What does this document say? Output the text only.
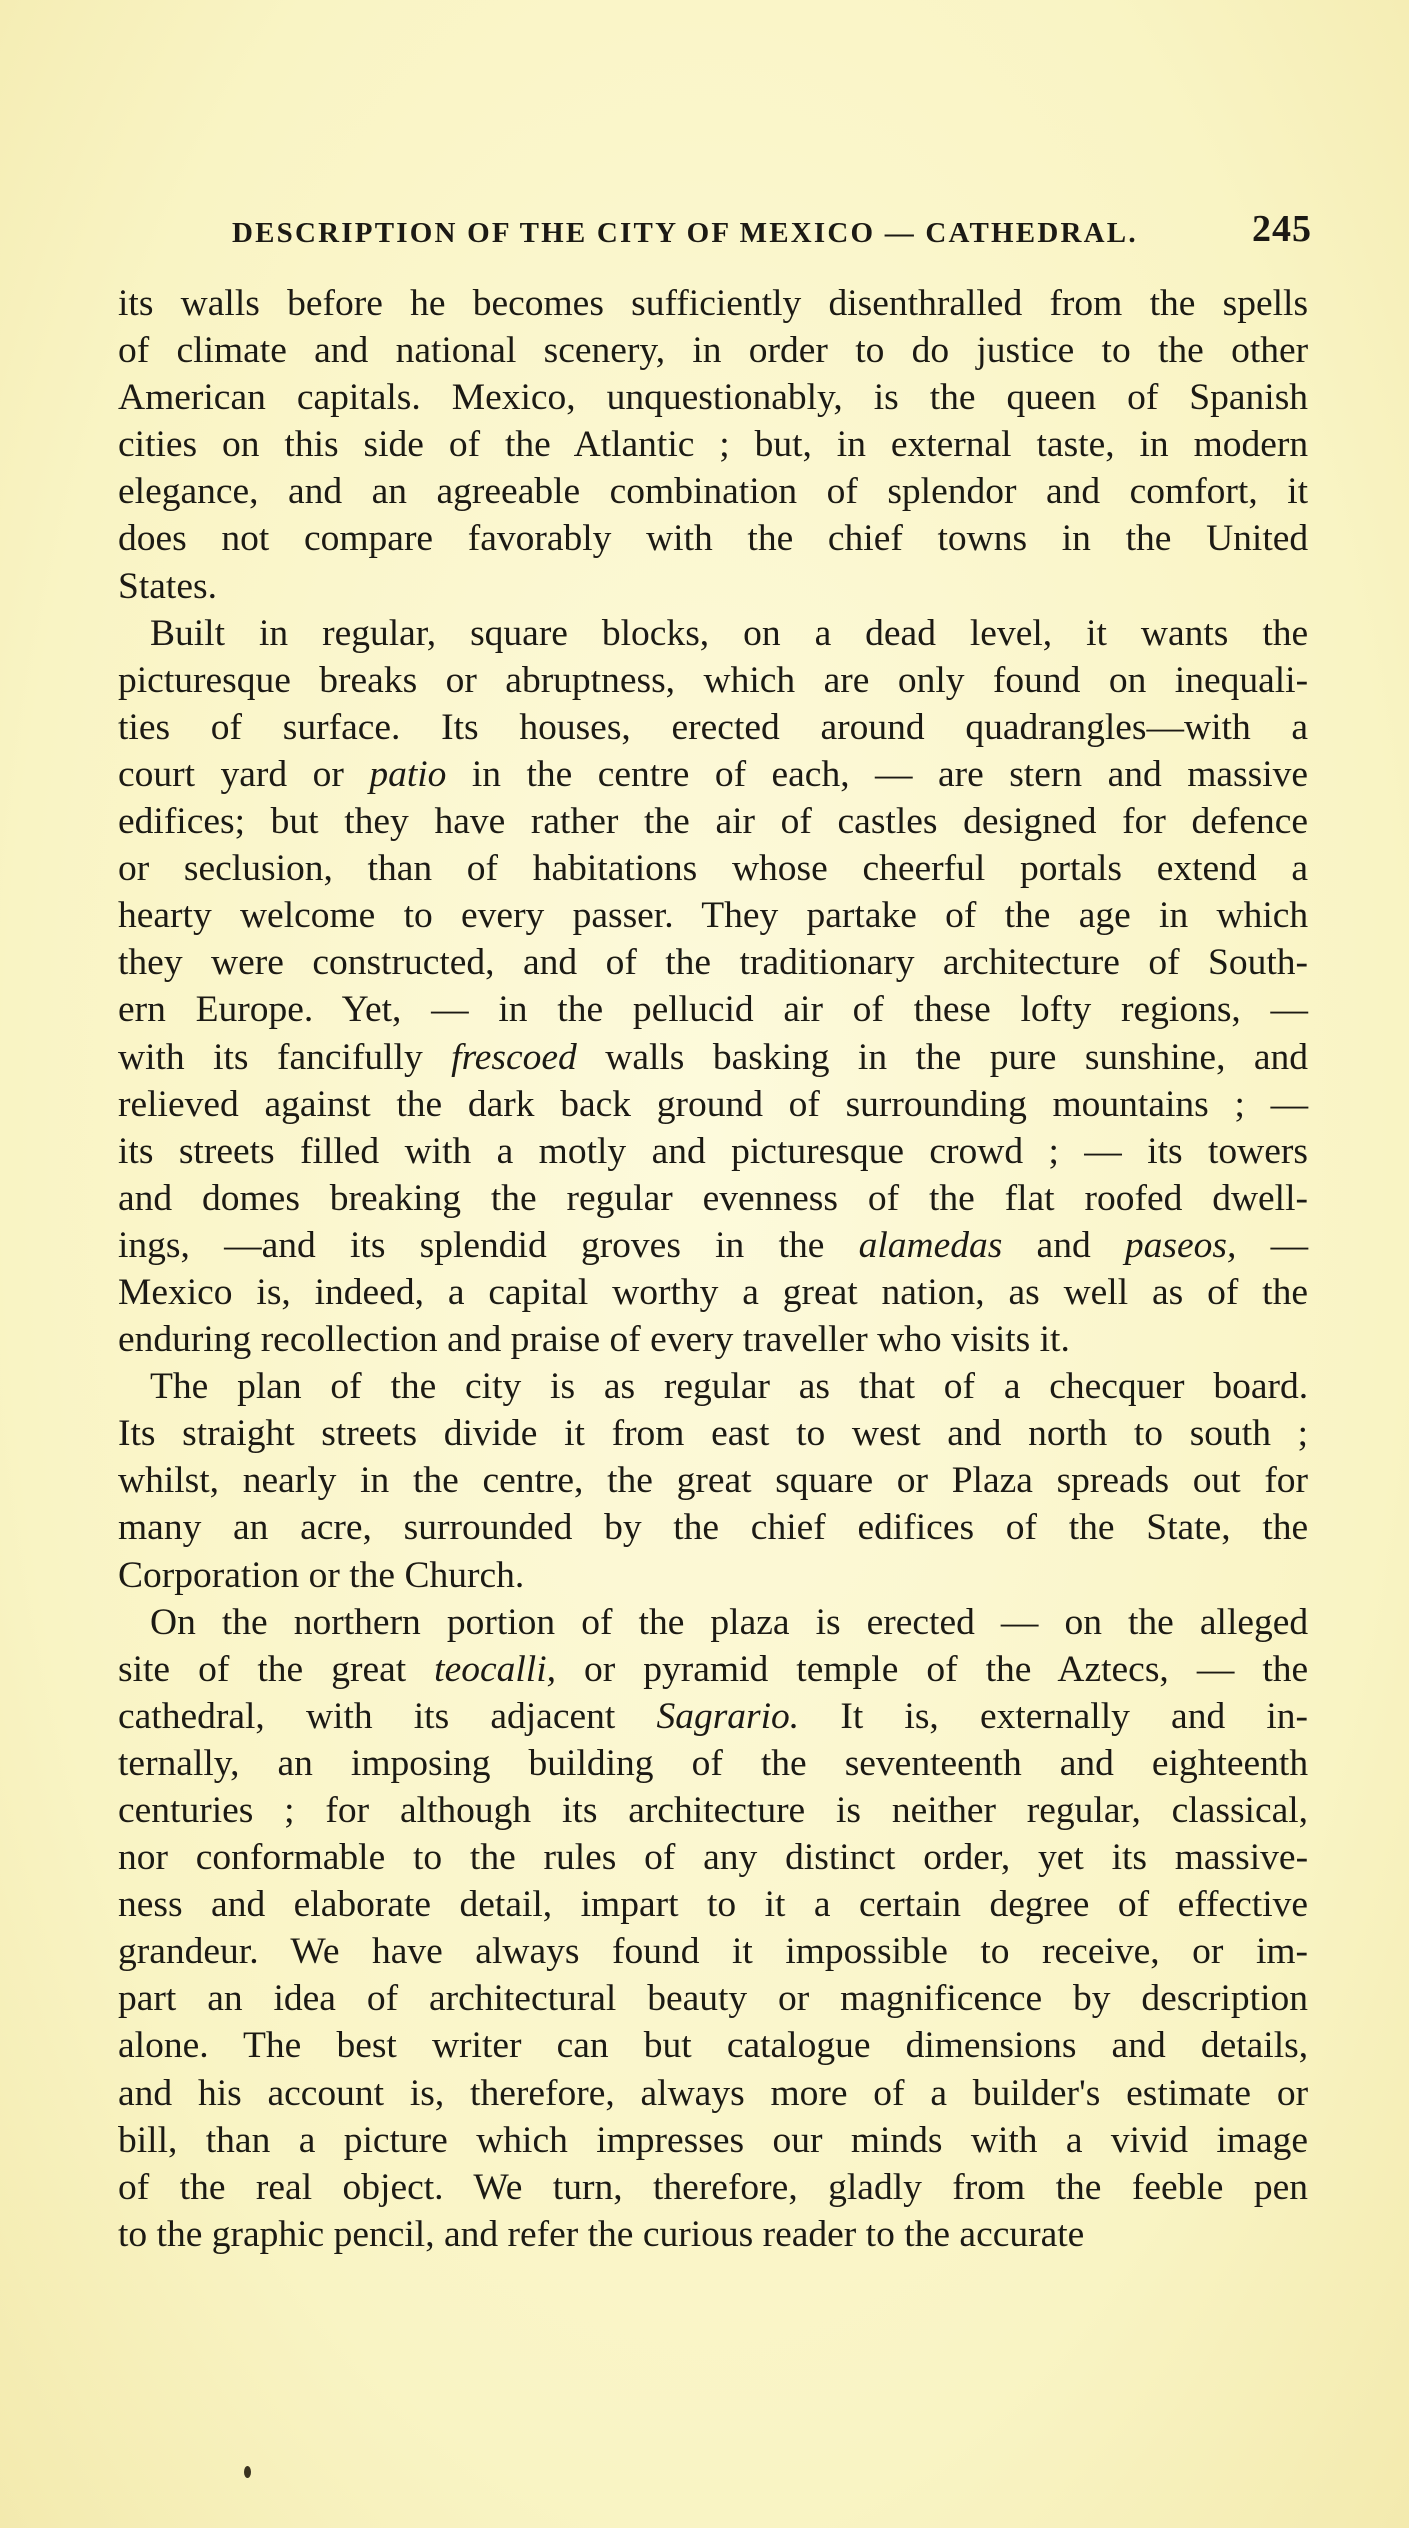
DESCRIPTION OF THE CITY OF MEXICO — CATHEDRAL.	245

its walls before he becomes sufficiently disenthralled from the spells
of climate and national scenery, in order to do justice to the other
American capitals. Mexico, unquestionably, is the queen of Spanish
cities on this side of the Atlantic ; but, in external taste, in modern
elegance, and an agreeable combination of splendor and comfort, it
does not compare favorably with the chief towns in the United
States.

Built in regular, square blocks, on a dead level, it wants the
picturesque breaks or abruptness, which are only found on inequali-
ties of surface. Its houses, erected around quadrangles—with a
court yard or patio in the centre of each, — are stern and massive
edifices; but they have rather the air of castles designed for defence
or seclusion, than of habitations whose cheerful portals extend a
hearty welcome to every passer. They partake of the age in which
they were constructed, and of the traditionary architecture of South-
ern Europe. Yet, — in the pellucid air of these lofty regions, —
with its fancifully frescoed walls basking in the pure sunshine, and
relieved against the dark back ground of surrounding mountains ; —
its streets filled with a motly and picturesque crowd ; — its towers
and domes breaking the regular evenness of the flat roofed dwell-
ings, —and its splendid groves in the alamedas and paseos, —
Mexico is, indeed, a capital worthy a great nation, as well as of the
enduring recollection and praise of every traveller who visits it.

The plan of the city is as regular as that of a checquer board.
Its straight streets divide it from east to west and north to south ;
whilst, nearly in the centre, the great square or Plaza spreads out for
many an acre, surrounded by the chief edifices of the State, the
Corporation or the Church.

On the northern portion of the plaza is erected — on the alleged
site of the great teocalli, or pyramid temple of the Aztecs, — the
cathedral, with its adjacent Sagrario. It is, externally and in-
ternally, an imposing building of the seventeenth and eighteenth
centuries ; for although its architecture is neither regular, classical,
nor conformable to the rules of any distinct order, yet its massive-
ness and elaborate detail, impart to it a certain degree of effective
grandeur. We have always found it impossible to receive, or im-
part an idea of architectural beauty or magnificence by description
alone. The best writer can but catalogue dimensions and details,
and his account is, therefore, always more of a builder's estimate or
bill, than a picture which impresses our minds with a vivid image
of the real object. We turn, therefore, gladly from the feeble pen
to the graphic pencil, and refer the curious reader to the accurate
